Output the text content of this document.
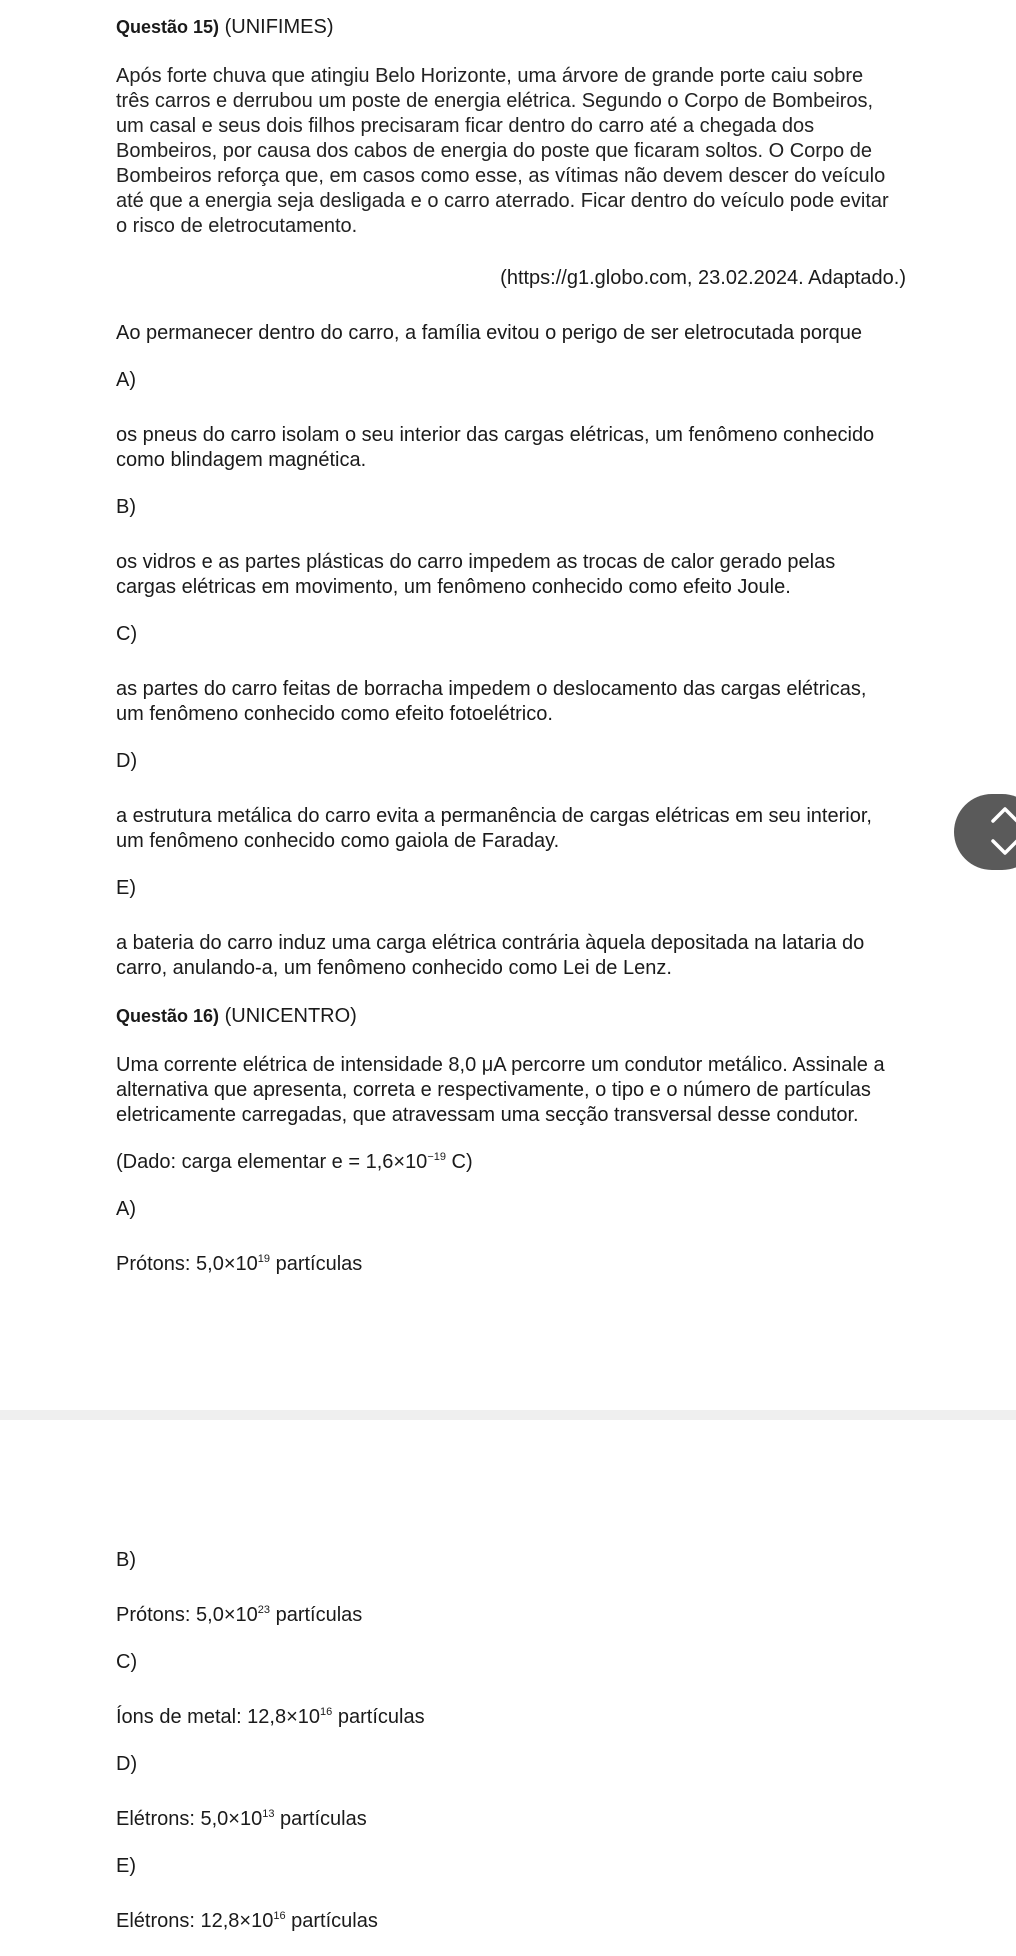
Questão 15) (UNIFIMES)

Após forte chuva que atingiu Belo Horizonte, uma árvore de grande porte caiu sobre três carros e derrubou um poste de energia elétrica. Segundo o Corpo de Bombeiros, um casal e seus dois filhos precisaram ficar dentro do carro até a chegada dos Bombeiros, por causa dos cabos de energia do poste que ficaram soltos. O Corpo de Bombeiros reforça que, em casos como esse, as vítimas não devem descer do veículo até que a energia seja desligada e o carro aterrado. Ficar dentro do veículo pode evitar o risco de eletrocutamento.

(https://g1.globo.com, 23.02.2024. Adaptado.)

Ao permanecer dentro do carro, a família evitou o perigo de ser eletrocutada porque

A)
os pneus do carro isolam o seu interior das cargas elétricas, um fenômeno conhecido como blindagem magnética.
B)
os vidros e as partes plásticas do carro impedem as trocas de calor gerado pelas cargas elétricas em movimento, um fenômeno conhecido como efeito Joule.
C)
as partes do carro feitas de borracha impedem o deslocamento das cargas elétricas, um fenômeno conhecido como efeito fotoelétrico.
D)
a estrutura metálica do carro evita a permanência de cargas elétricas em seu interior, um fenômeno conhecido como gaiola de Faraday.
E)
a bateria do carro induz uma carga elétrica contrária àquela depositada na lataria do carro, anulando-a, um fenômeno conhecido como Lei de Lenz.
Questão 16) (UNICENTRO)

Uma corrente elétrica de intensidade 8,0 μA percorre um condutor metálico. Assinale a alternativa que apresenta, correta e respectivamente, o tipo e o número de partículas eletricamente carregadas, que atravessam uma secção transversal desse condutor.

(Dado: carga elementar $e = 1,6\times 10^{-19}$ C)

A)
Prótons: $5,0\times 10^{19}$ partículas
B)
Prótons: $5,0\times 10^{23}$ partículas
C)
Íons de metal: $12,8\times 10^{16}$ partículas
D)
Elétrons: $5,0\times 10^{13}$ partículas
E)
Elétrons: $12,8\times 10^{16}$ partículas
